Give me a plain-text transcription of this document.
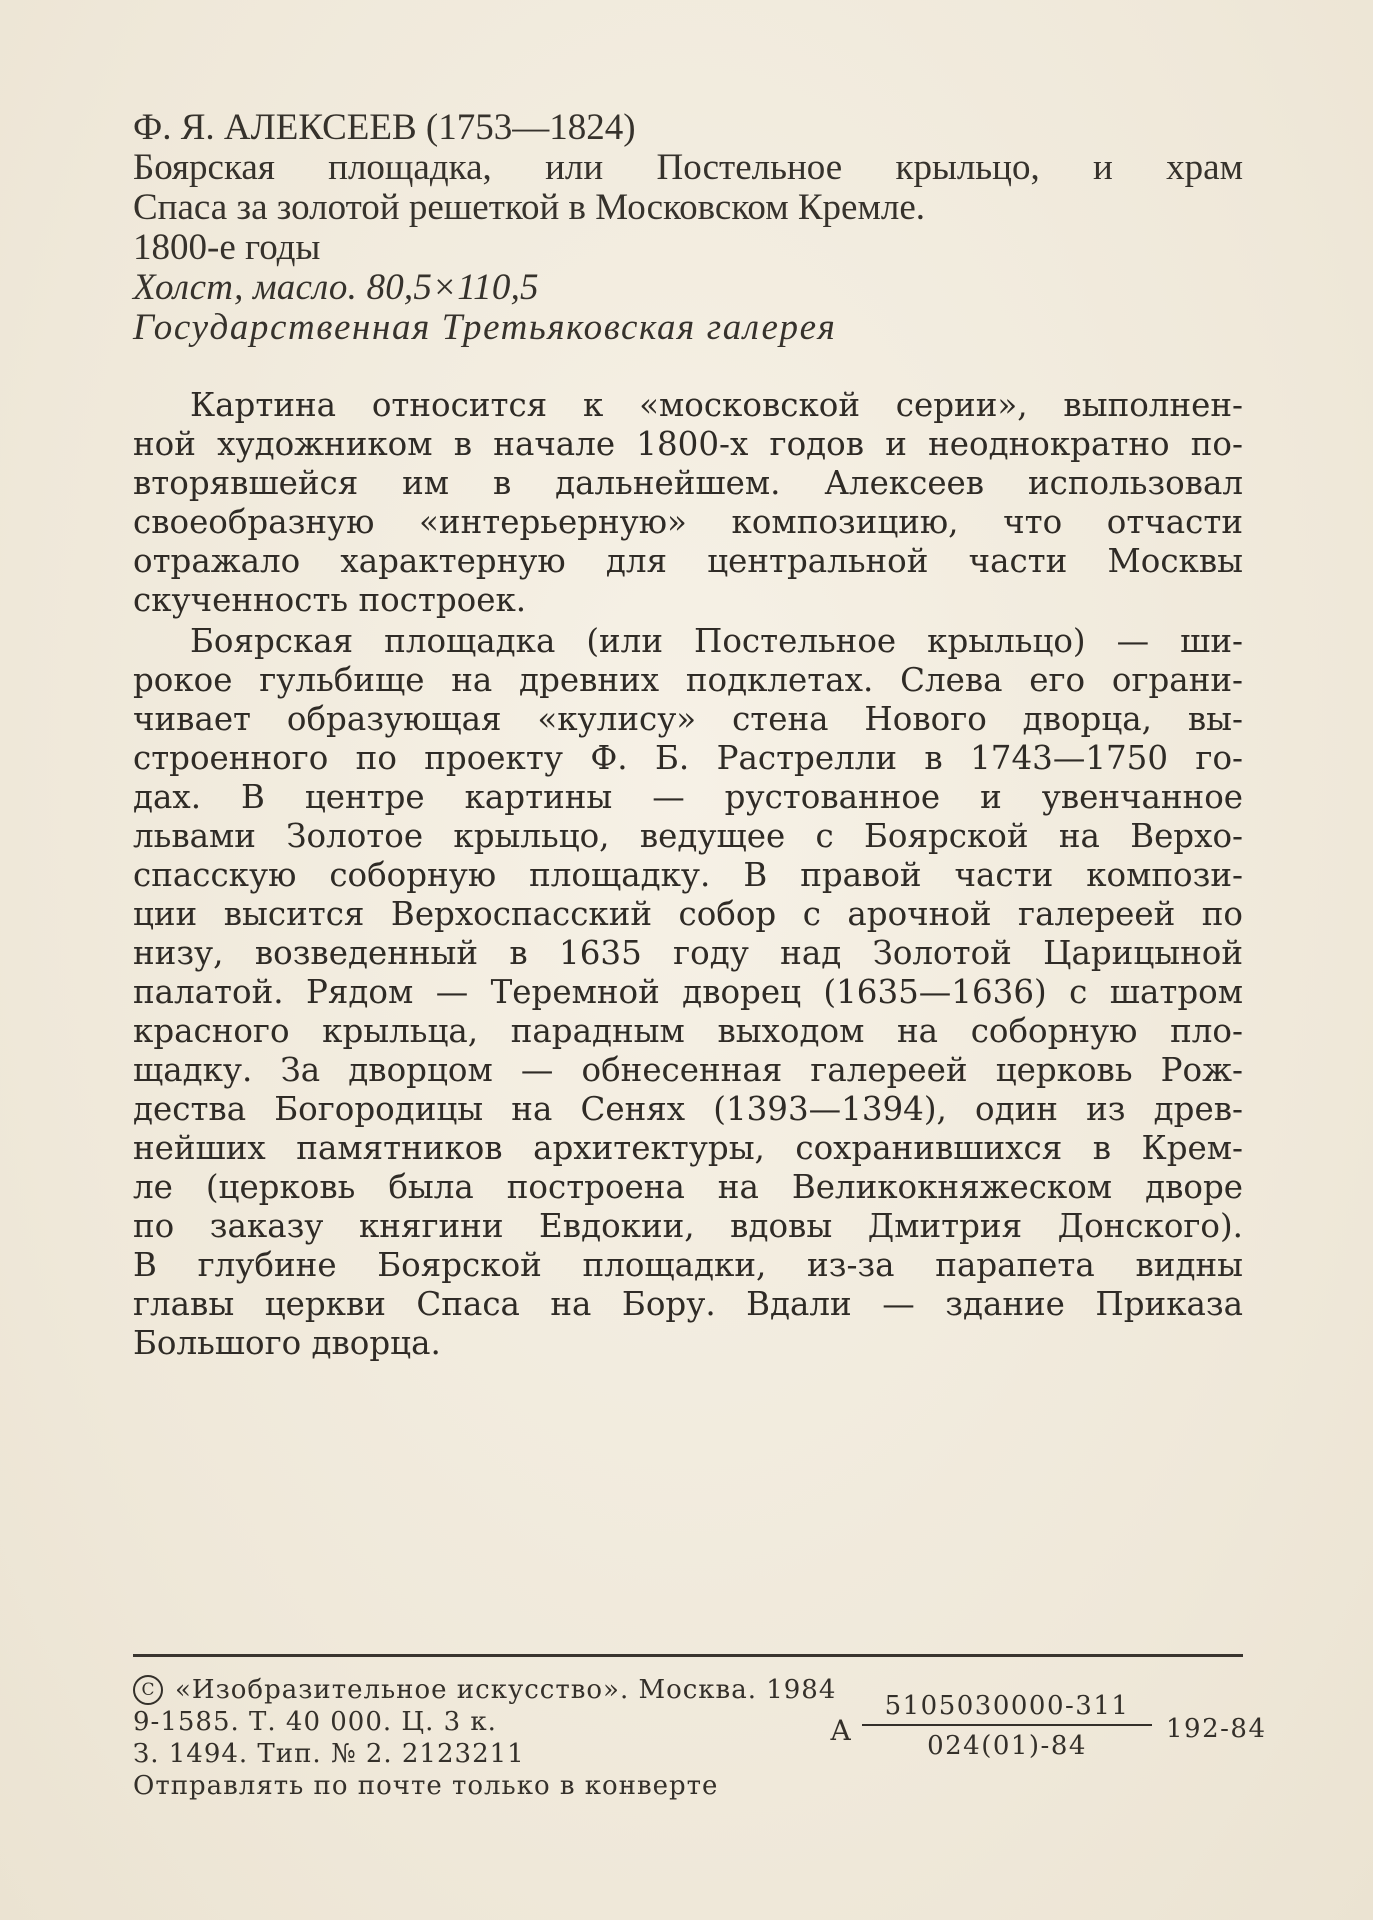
Ф. Я. АЛЕКСЕЕВ (1753—1824)
Боярская площадка, или Постельное крыльцо, и храм
Спаса за золотой решеткой в Московском Кремле.
1800-е годы
Холст, масло. 80,5×110,5
Государственная Третьяковская галерея
Картина относится к «московской серии», выполнен-
ной художником в начале 1800-х годов и неоднократно по-
вторявшейся им в дальнейшем. Алексеев использовал
своеобразную «интерьерную» композицию, что отчасти
отражало характерную для центральной части Москвы
скученность построек.
Боярская площадка (или Постельное крыльцо) — ши-
рокое гульбище на древних подклетах. Слева его ограни-
чивает образующая «кулису» стена Нового дворца, вы-
строенного по проекту Ф. Б. Растрелли в 1743—1750 го-
дах. В центре картины — рустованное и увенчанное
львами Золотое крыльцо, ведущее с Боярской на Верхо-
спасскую соборную площадку. В правой части компози-
ции высится Верхоспасский собор с арочной галереей по
низу, возведенный в 1635 году над Золотой Царицыной
палатой. Рядом — Теремной дворец (1635—1636) с шатром
красного крыльца, парадным выходом на соборную пло-
щадку. За дворцом — обнесенная галереей церковь Рож-
дества Богородицы на Сенях (1393—1394), один из древ-
нейших памятников архитектуры, сохранившихся в Крем-
ле (церковь была построена на Великокняжеском дворе
по заказу княгини Евдокии, вдовы Дмитрия Донского).
В глубине Боярской площадки, из-за парапета видны
главы церкви Спаса на Бору. Вдали — здание Приказа
Большого дворца.
C «Изобразительное искусство». Москва. 1984
9-1585. Т. 40 000. Ц. 3 к.
З. 1494. Тип. № 2. 2123211
Отправлять по почте только в конверте
А
5105030000-311
024(01)-84
192-84
